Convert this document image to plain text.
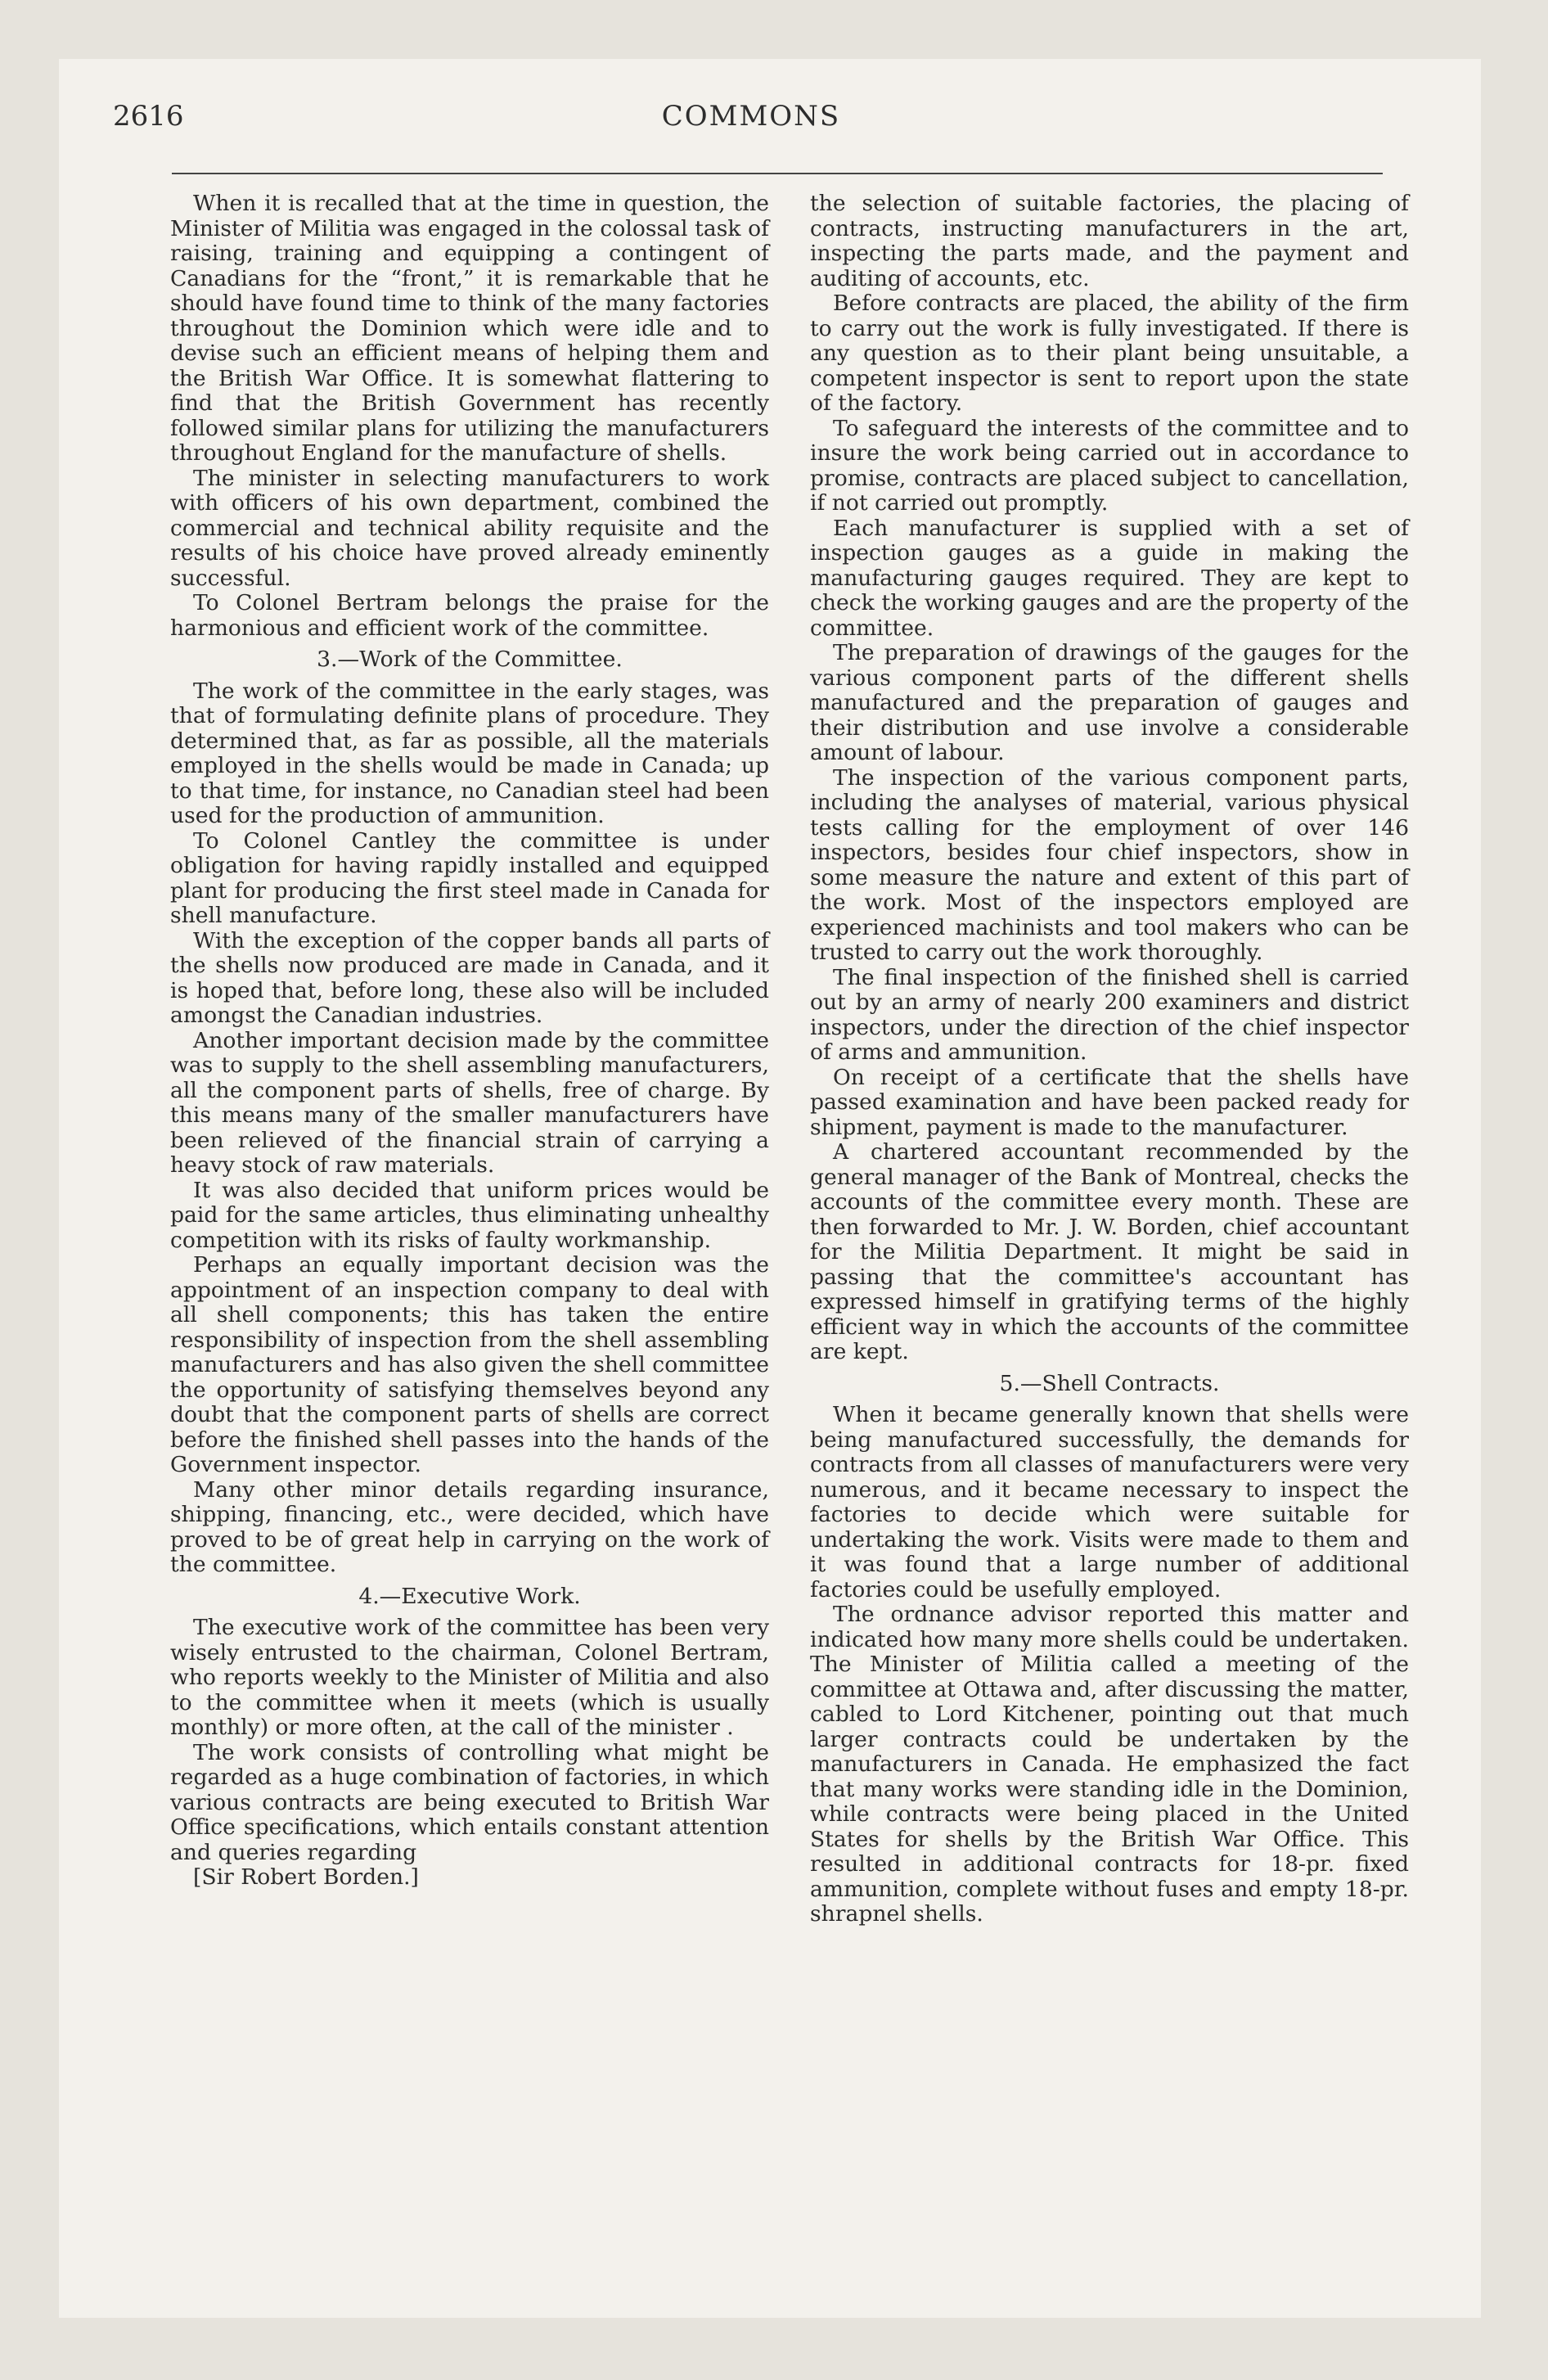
2616	COMMONS

When it is recalled that at the time in question, the Minister of Militia was engaged in the colossal task of raising, training and equipping a contingent of Canadians for the “front,” it is remarkable that he should have found time to think of the many factories throughout the Dominion which were idle and to devise such an efficient means of helping them and the British War Office. It is somewhat flattering to find that the British Government has recently followed similar plans for utilizing the manufacturers throughout England for the manufacture of shells.

The minister in selecting manufacturers to work with officers of his own department, combined the commercial and technical ability requisite and the results of his choice have proved already eminently successful.

To Colonel Bertram belongs the praise for the harmonious and efficient work of the committee.

3.—Work of the Committee.

The work of the committee in the early stages, was that of formulating definite plans of procedure. They determined that, as far as possible, all the materials employed in the shells would be made in Canada; up to that time, for instance, no Canadian steel had been used for the production of ammunition.

To Colonel Cantley the committee is under obligation for having rapidly installed and equipped plant for producing the first steel made in Canada for shell manufacture.

With the exception of the copper bands all parts of the shells now produced are made in Canada, and it is hoped that, before long, these also will be included amongst the Canadian industries.

Another important decision made by the committee was to supply to the shell assembling manufacturers, all the component parts of shells, free of charge. By this means many of the smaller manufacturers have been relieved of the financial strain of carrying a heavy stock of raw materials.

It was also decided that uniform prices would be paid for the same articles, thus eliminating unhealthy competition with its risks of faulty workmanship.

Perhaps an equally important decision was the appointment of an inspection company to deal with all shell components; this has taken the entire responsibility of inspection from the shell assembling manufacturers and has also given the shell committee the opportunity of satisfying themselves beyond any doubt that the component parts of shells are correct before the finished shell passes into the hands of the Government inspector.

Many other minor details regarding insurance, shipping, financing, etc., were decided, which have proved to be of great help in carrying on the work of the committee.

4.—Executive Work.

The executive work of the committee has been very wisely entrusted to the chairman, Colonel Bertram, who reports weekly to the Minister of Militia and also to the committee when it meets (which is usually monthly) or more often, at the call of the minister .

The work consists of controlling what might be regarded as a huge combination of factories, in which various contracts are being executed to British War Office specifications, which entails constant attention and queries regarding

[Sir Robert Borden.]

the selection of suitable factories, the placing of contracts, instructing manufacturers in the art, inspecting the parts made, and the payment and auditing of accounts, etc.

Before contracts are placed, the ability of the firm to carry out the work is fully investigated. If there is any question as to their plant being unsuitable, a competent inspector is sent to report upon the state of the factory.

To safeguard the interests of the committee and to insure the work being carried out in accordance to promise, contracts are placed subject to cancellation, if not carried out promptly.

Each manufacturer is supplied with a set of inspection gauges as a guide in making the manufacturing gauges required. They are kept to check the working gauges and are the property of the committee.

The preparation of drawings of the gauges for the various component parts of the different shells manufactured and the preparation of gauges and their distribution and use involve a considerable amount of labour.

The inspection of the various component parts, including the analyses of material, various physical tests calling for the employment of over 146 inspectors, besides four chief inspectors, show in some measure the nature and extent of this part of the work. Most of the inspectors employed are experienced machinists and tool makers who can be trusted to carry out the work thoroughly.

The final inspection of the finished shell is carried out by an army of nearly 200 examiners and district inspectors, under the direction of the chief inspector of arms and ammunition.

On receipt of a certificate that the shells have passed examination and have been packed ready for shipment, payment is made to the manufacturer.

A chartered accountant recommended by the general manager of the Bank of Montreal, checks the accounts of the committee every month. These are then forwarded to Mr. J. W. Borden, chief accountant for the Militia Department. It might be said in passing that the committee's accountant has expressed himself in gratifying terms of the highly efficient way in which the accounts of the committee are kept.

5.—Shell Contracts.

When it became generally known that shells were being manufactured successfully, the demands for contracts from all classes of manufacturers were very numerous, and it became necessary to inspect the factories to decide which were suitable for undertaking the work. Visits were made to them and it was found that a large number of additional factories could be usefully employed.

The ordnance advisor reported this matter and indicated how many more shells could be undertaken. The Minister of Militia called a meeting of the committee at Ottawa and, after discussing the matter, cabled to Lord Kitchener, pointing out that much larger contracts could be undertaken by the manufacturers in Canada. He emphasized the fact that many works were standing idle in the Dominion, while contracts were being placed in the United States for shells by the British War Office. This resulted in additional contracts for 18-pr. fixed ammunition, complete without fuses and empty 18-pr. shrapnel shells.
